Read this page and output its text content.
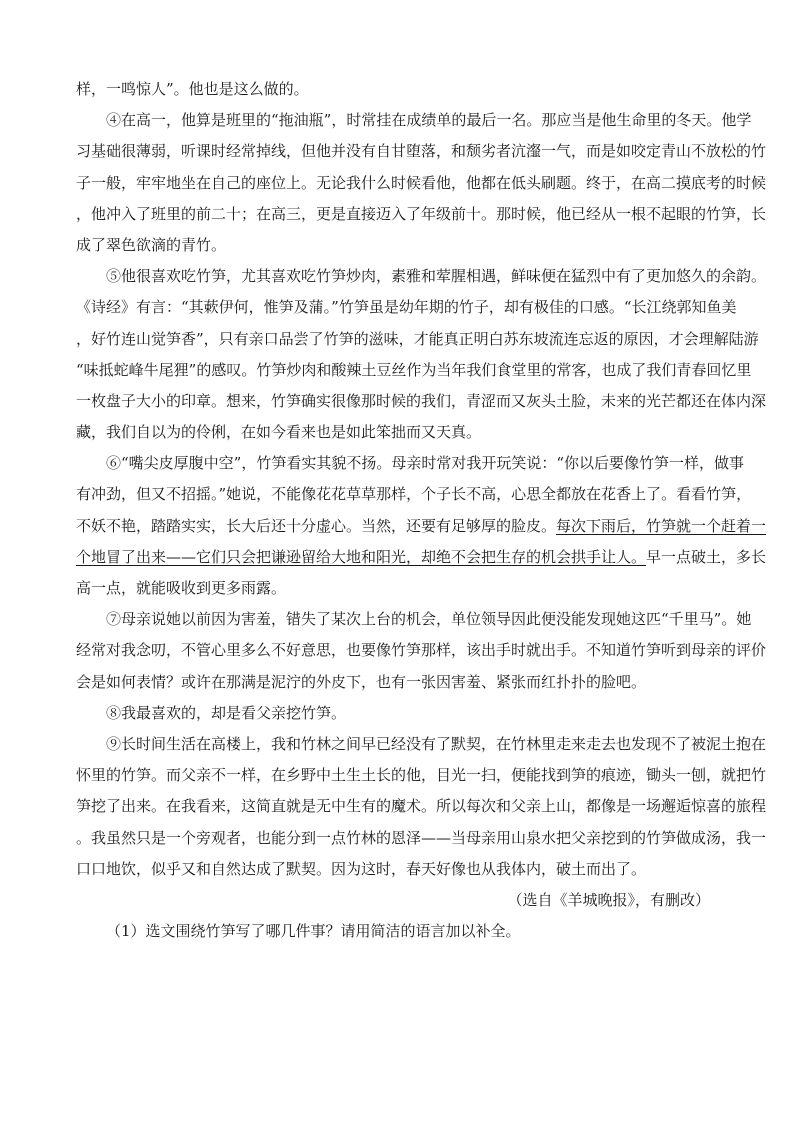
样，一鸣惊人”。他也是这么做的。
④在高一，他算是班里的“拖油瓶”，时常挂在成绩单的最后一名。那应当是他生命里的冬天。他学
习基础很薄弱，听课时经常掉线，但他并没有自甘堕落，和颓劣者沆瀣一气，而是如咬定青山不放松的竹
子一般，牢牢地坐在自己的座位上。无论我什么时候看他，他都在低头刷题。终于，在高二摸底考的时候
，他冲入了班里的前二十；在高三，更是直接迈入了年级前十。那时候，他已经从一根不起眼的竹笋，长
成了翠色欲滴的青竹。
⑤他很喜欢吃竹笋，尤其喜欢吃竹笋炒肉，素雅和荤腥相遇，鲜味便在猛烈中有了更加悠久的余韵。
《诗经》有言：“其蔌伊何，惟笋及蒲。”竹笋虽是幼年期的竹子，却有极佳的口感。“长江绕郭知鱼美
，好竹连山觉笋香”，只有亲口品尝了竹笋的滋味，才能真正明白苏东坡流连忘返的原因，才会理解陆游
“味抵蛇峰牛尾狸”的感叹。竹笋炒肉和酸辣土豆丝作为当年我们食堂里的常客，也成了我们青春回忆里
一枚盘子大小的印章。想来，竹笋确实很像那时候的我们，青涩而又灰头土脸，未来的光芒都还在体内深
藏，我们自以为的伶俐，在如今看来也是如此笨拙而又天真。
⑥“嘴尖皮厚腹中空”，竹笋看实其貌不扬。母亲时常对我开玩笑说：“你以后要像竹笋一样，做事
有冲劲，但又不招摇。”她说，不能像花花草草那样，个子长不高，心思全都放在花香上了。看看竹笋，
不妖不艳，踏踏实实，长大后还十分虚心。当然，还要有足够厚的脸皮。每次下雨后，竹笋就一个赶着一
个地冒了出来——它们只会把谦逊留给大地和阳光，却绝不会把生存的机会拱手让人。早一点破土，多长
高一点，就能吸收到更多雨露。
⑦母亲说她以前因为害羞，错失了某次上台的机会，单位领导因此便没能发现她这匹“千里马”。她
经常对我念叨，不管心里多么不好意思，也要像竹笋那样，该出手时就出手。不知道竹笋听到母亲的评价
会是如何表情？或许在那满是泥泞的外皮下，也有一张因害羞、紧张而红扑扑的脸吧。
⑧我最喜欢的，却是看父亲挖竹笋。
⑨长时间生活在高楼上，我和竹林之间早已经没有了默契，在竹林里走来走去也发现不了被泥土抱在
怀里的竹笋。而父亲不一样，在乡野中土生土长的他，目光一扫，便能找到笋的痕迹，锄头一刨，就把竹
笋挖了出来。在我看来，这简直就是无中生有的魔术。所以每次和父亲上山，都像是一场邂逅惊喜的旅程
。我虽然只是一个旁观者，也能分到一点竹林的恩泽——当母亲用山泉水把父亲挖到的竹笋做成汤，我一
口口地饮，似乎又和自然达成了默契。因为这时，春天好像也从我体内，破土而出了。
（选自《羊城晚报》，有删改）
（1）选文围绕竹笋写了哪几件事？请用简洁的语言加以补全。
